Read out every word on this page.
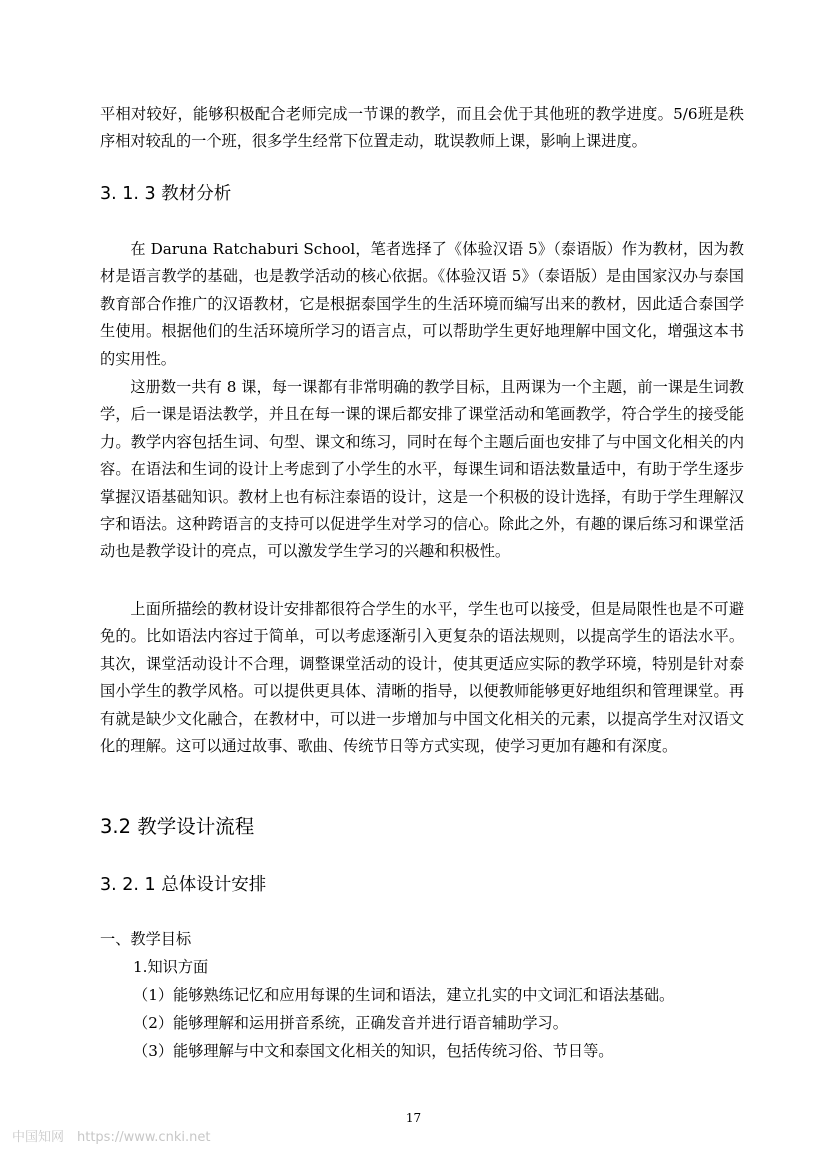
平相对较好，能够积极配合老师完成一节课的教学，而且会优于其他班的教学进度。5/6班是秩序相对较乱的一个班，很多学生经常下位置走动，耽误教师上课，影响上课进度。

3. 1. 3 教材分析

在 Daruna Ratchaburi School，笔者选择了《体验汉语 5》（泰语版）作为教材，因为教材是语言教学的基础，也是教学活动的核心依据。《体验汉语 5》（泰语版）是由国家汉办与泰国教育部合作推广的汉语教材，它是根据泰国学生的生活环境而编写出来的教材，因此适合泰国学生使用。根据他们的生活环境所学习的语言点，可以帮助学生更好地理解中国文化，增强这本书的实用性。

这册数一共有 8 课，每一课都有非常明确的教学目标，且两课为一个主题，前一课是生词教学，后一课是语法教学，并且在每一课的课后都安排了课堂活动和笔画教学，符合学生的接受能力。教学内容包括生词、句型、课文和练习，同时在每个主题后面也安排了与中国文化相关的内容。在语法和生词的设计上考虑到了小学生的水平，每课生词和语法数量适中，有助于学生逐步掌握汉语基础知识。教材上也有标注泰语的设计，这是一个积极的设计选择，有助于学生理解汉字和语法。这种跨语言的支持可以促进学生对学习的信心。除此之外，有趣的课后练习和课堂活动也是教学设计的亮点，可以激发学生学习的兴趣和积极性。

上面所描绘的教材设计安排都很符合学生的水平，学生也可以接受，但是局限性也是不可避免的。比如语法内容过于简单，可以考虑逐渐引入更复杂的语法规则，以提高学生的语法水平。其次，课堂活动设计不合理，调整课堂活动的设计，使其更适应实际的教学环境，特别是针对泰国小学生的教学风格。可以提供更具体、清晰的指导，以便教师能够更好地组织和管理课堂。再有就是缺少文化融合，在教材中，可以进一步增加与中国文化相关的元素，以提高学生对汉语文化的理解。这可以通过故事、歌曲、传统节日等方式实现，使学习更加有趣和有深度。

3.2 教学设计流程
3. 2. 1 总体设计安排

一、教学目标

1.知识方面

（1）能够熟练记忆和应用每课的生词和语法，建立扎实的中文词汇和语法基础。

（2）能够理解和运用拼音系统，正确发音并进行语音辅助学习。

（3）能够理解与中文和泰国文化相关的知识，包括传统习俗、节日等。

17
中国知网　https://www.cnki.net
